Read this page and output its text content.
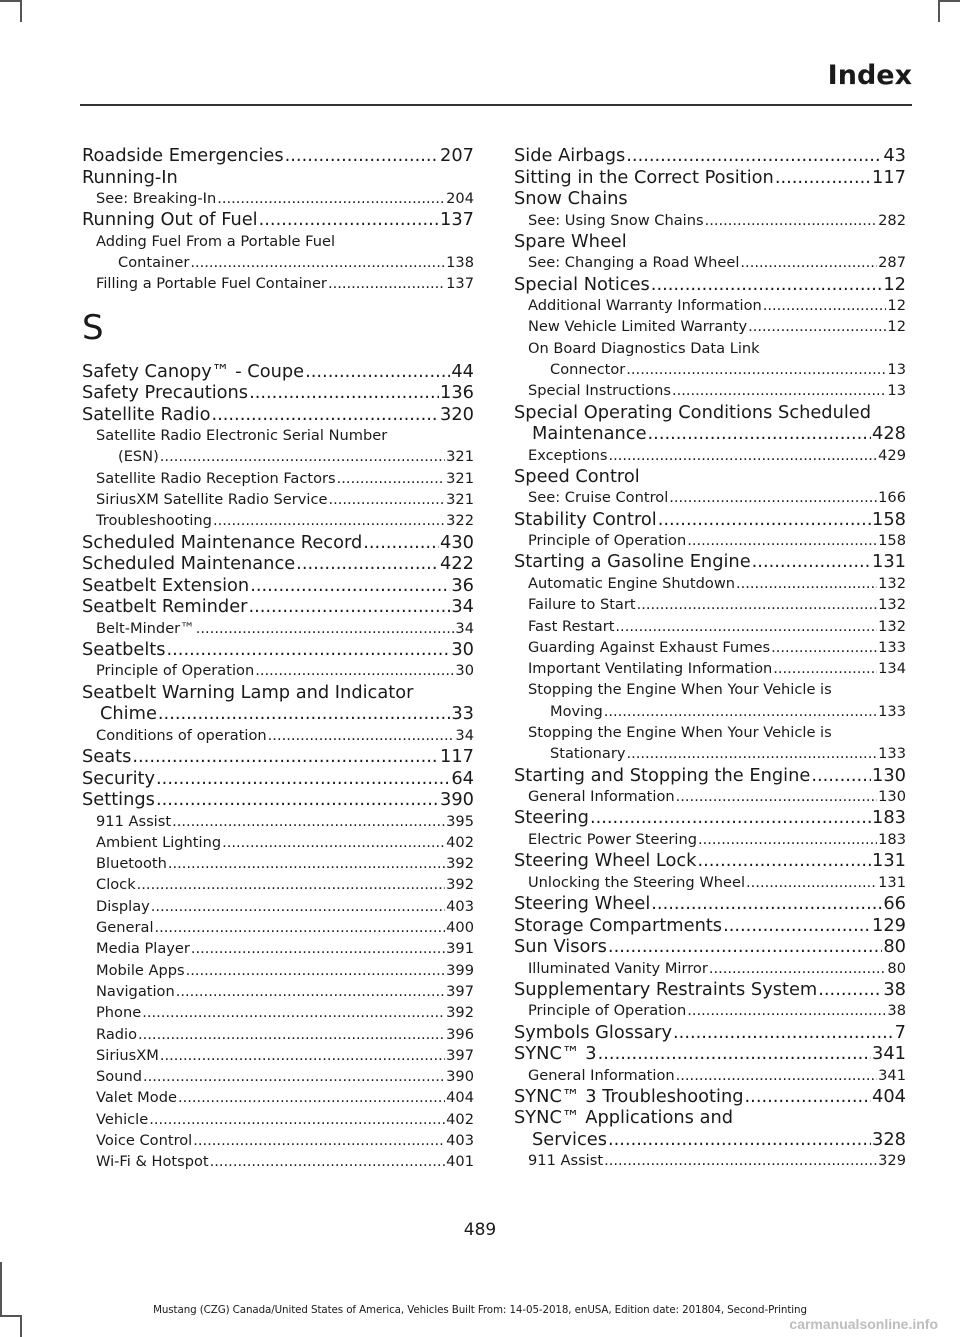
Index
Roadside Emergencies .....	207
Running-In
See: Breaking-In .....	204
Running Out of Fuel .....	137
Adding Fuel From a Portable Fuel
Container .....	138
Filling a Portable Fuel Container .....	137
S
Safety Canopy™ - Coupe .....	44
Safety Precautions .....	136
Satellite Radio .....	320
Satellite Radio Electronic Serial Number
(ESN) .....	321
Satellite Radio Reception Factors .....	321
SiriusXM Satellite Radio Service .....	321
Troubleshooting .....	322
Scheduled Maintenance Record .....	430
Scheduled Maintenance .....	422
Seatbelt Extension .....	36
Seatbelt Reminder .....	34
Belt-Minder™ .....	34
Seatbelts .....	30
Principle of Operation .....	30
Seatbelt Warning Lamp and Indicator
Chime .....	33
Conditions of operation .....	34
Seats .....	117
Security .....	64
Settings .....	390
911 Assist .....	395
Ambient Lighting .....	402
Bluetooth .....	392
Clock .....	392
Display .....	403
General .....	400
Media Player .....	391
Mobile Apps .....	399
Navigation .....	397
Phone .....	392
Radio .....	396
SiriusXM .....	397
Sound .....	390
Valet Mode .....	404
Vehicle .....	402
Voice Control .....	403
Wi-Fi & Hotspot .....	401
Side Airbags .....	43
Sitting in the Correct Position .....	117
Snow Chains
See: Using Snow Chains .....	282
Spare Wheel
See: Changing a Road Wheel .....	287
Special Notices .....	12
Additional Warranty Information .....	12
New Vehicle Limited Warranty .....	12
On Board Diagnostics Data Link
Connector .....	13
Special Instructions .....	13
Special Operating Conditions Scheduled
Maintenance .....	428
Exceptions .....	429
Speed Control
See: Cruise Control .....	166
Stability Control .....	158
Principle of Operation .....	158
Starting a Gasoline Engine .....	131
Automatic Engine Shutdown .....	132
Failure to Start .....	132
Fast Restart .....	132
Guarding Against Exhaust Fumes .....	133
Important Ventilating Information .....	134
Stopping the Engine When Your Vehicle is
Moving .....	133
Stopping the Engine When Your Vehicle is
Stationary .....	133
Starting and Stopping the Engine .....	130
General Information .....	130
Steering .....	183
Electric Power Steering .....	183
Steering Wheel Lock .....	131
Unlocking the Steering Wheel .....	131
Steering Wheel .....	66
Storage Compartments .....	129
Sun Visors .....	80
Illuminated Vanity Mirror .....	80
Supplementary Restraints System .....	38
Principle of Operation .....	38
Symbols Glossary .....	7
SYNC™ 3 .....	341
General Information .....	341
SYNC™ 3 Troubleshooting .....	404
SYNC™ Applications and
Services .....	328
911 Assist .....	329
489
Mustang (CZG) Canada/United States of America, Vehicles Built From: 14-05-2018, enUSA, Edition date: 201804, Second-Printing
carmanualsonline.info
